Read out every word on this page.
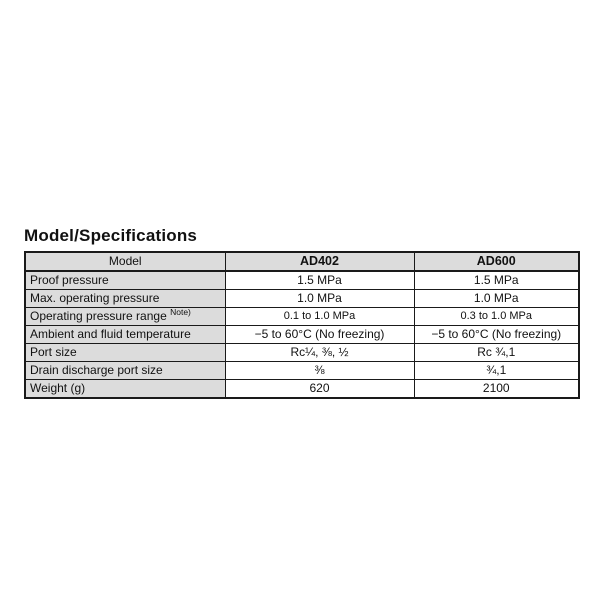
Model/Specifications
Model	AD402	AD600
Proof pressure	1.5 MPa	1.5 MPa
Max. operating pressure	1.0 MPa	1.0 MPa
Operating pressure range $^{Note)}$	0.1 to 1.0 MPa	0.3 to 1.0 MPa
Ambient and fluid temperature	−5 to 60°C (No freezing)	−5 to 60°C (No freezing)
Port size	Rc¼, ⅜, ½	Rc ¾,1
Drain discharge port size	⅜	¾,1
Weight (g)	620	2100
